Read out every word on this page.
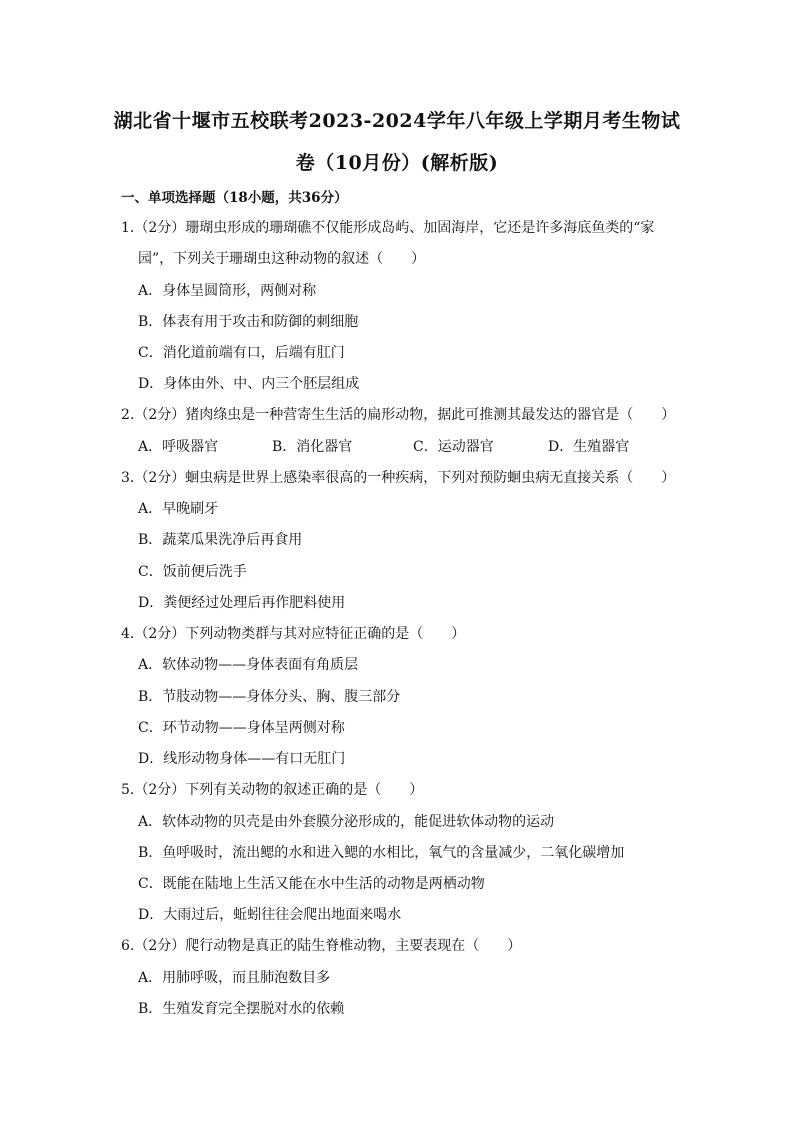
湖北省十堰市五校联考2023-2024学年八年级上学期月考生物试
卷（10月份）(解析版)
一、单项选择题（18小题，共36分）
1.（2分）珊瑚虫形成的珊瑚礁不仅能形成岛屿、加固海岸，它还是许多海底鱼类的“家
园”，下列关于珊瑚虫这种动物的叙述（　　）
A．身体呈圆筒形，两侧对称
B．体表有用于攻击和防御的刺细胞
C．消化道前端有口，后端有肛门
D．身体由外、中、内三个胚层组成
2.（2分）猪肉绦虫是一种营寄生生活的扁形动物，据此可推测其最发达的器官是（　　）
A．呼吸器官	B．消化器官	C．运动器官	D．生殖器官
3.（2分）蛔虫病是世界上感染率很高的一种疾病，下列对预防蛔虫病无直接关系（　　）
A．早晚刷牙
B．蔬菜瓜果洗净后再食用
C．饭前便后洗手
D．粪便经过处理后再作肥料使用
4.（2分）下列动物类群与其对应特征正确的是（　　）
A．软体动物——身体表面有角质层
B．节肢动物——身体分头、胸、腹三部分
C．环节动物——身体呈两侧对称
D．线形动物身体——有口无肛门
5.（2分）下列有关动物的叙述正确的是（　　）
A．软体动物的贝壳是由外套膜分泌形成的，能促进软体动物的运动
B．鱼呼吸时，流出鳃的水和进入鳃的水相比，氧气的含量减少，二氧化碳增加
C．既能在陆地上生活又能在水中生活的动物是两栖动物
D．大雨过后，蚯蚓往往会爬出地面来喝水
6.（2分）爬行动物是真正的陆生脊椎动物，主要表现在（　　）
A．用肺呼吸，而且肺泡数目多
B．生殖发育完全摆脱对水的依赖
